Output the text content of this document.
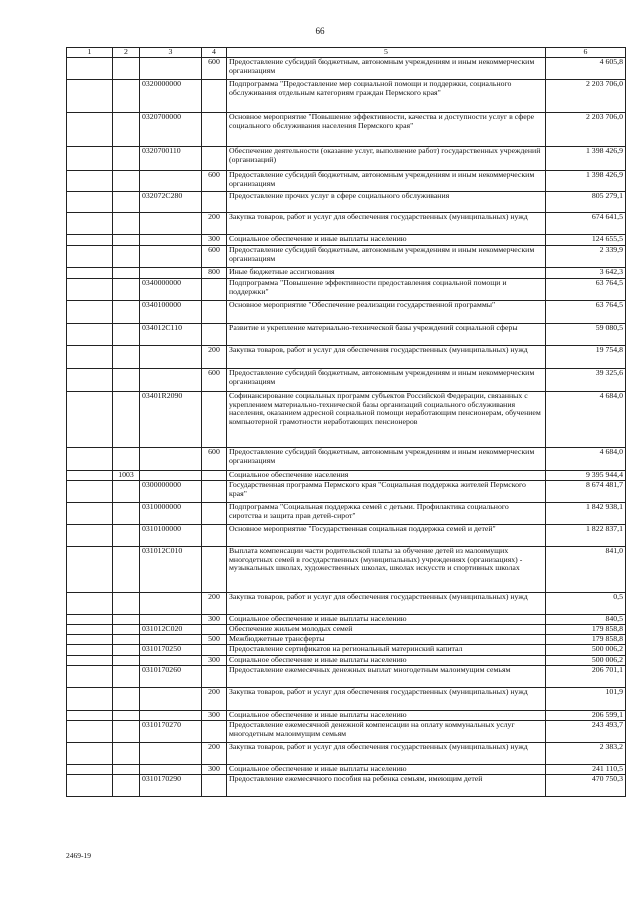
66
1	2	3	4	5	6
			600	Предоставление субсидий бюджетным, автономным учреждениям и иным некоммерческим организациям	4 605,8
		0320000000		Подпрограмма "Предоставление мер социальной помощи и поддержки, социального обслуживания отдельным категориям граждан Пермского края"	2 203 706,0
		0320700000		Основное мероприятие "Повышение эффективности, качества и доступности услуг в сфере социального обслуживания населения Пермского края"	2 203 706,0
		0320700110		Обеспечение деятельности (оказание услуг, выполнение работ) государственных учреждений (организаций)	1 398 426,9
			600	Предоставление субсидий бюджетным, автономным учреждениям и иным некоммерческим организациям	1 398 426,9
		032072C280		Предоставление прочих услуг в сфере социального обслуживания	805 279,1
			200	Закупка товаров, работ и услуг для обеспечения государственных (муниципальных) нужд	674 641,5
			300	Социальное обеспечение и иные выплаты населению	124 655,5
			600	Предоставление субсидий бюджетным, автономным учреждениям и иным некоммерческим организациям	2 339,9
			800	Иные бюджетные ассигнования	3 642,3
		0340000000		Подпрограмма "Повышение эффективности предоставления социальной помощи и поддержки"	63 764,5
		0340100000		Основное мероприятие "Обеспечение реализации государственной программы"	63 764,5
		034012C110		Развитие и укрепление материально-технической базы учреждений социальной сферы	59 080,5
			200	Закупка товаров, работ и услуг для обеспечения государственных (муниципальных) нужд	19 754,8
			600	Предоставление субсидий бюджетным, автономным учреждениям и иным некоммерческим организациям	39 325,6
		03401R2090		Софинансирование социальных программ субъектов Российской Федерации, связанных с укреплением материально-технической базы организаций социального обслуживания населения, оказанием адресной социальной помощи неработающим пенсионерам, обучением компьютерной грамотности неработающих пенсионеров	4 684,0
			600	Предоставление субсидий бюджетным, автономным учреждениям и иным некоммерческим организациям	4 684,0
	1003			Социальное обеспечение населения	9 395 944,4
		0300000000		Государственная программа Пермского края "Социальная поддержка жителей Пермского края"	8 674 481,7
		0310000000		Подпрограмма "Социальная поддержка семей с детьми. Профилактика социального сиротства и защита прав детей-сирот"	1 842 938,1
		0310100000		Основное мероприятие "Государственная социальная поддержка семей и детей"	1 822 837,1
		031012C010		Выплата компенсации части родительской платы за обучение детей из малоимущих многодетных семей в государственных (муниципальных) учреждениях (организациях) - музыкальных школах, художественных школах, школах искусств и спортивных школах	841,0
			200	Закупка товаров, работ и услуг для обеспечения государственных (муниципальных) нужд	0,5
			300	Социальное обеспечение и иные выплаты населению	840,5
		031012C020		Обеспечение жильем молодых семей	179 858,8
			500	Межбюджетные трансферты	179 858,8
		0310170250		Предоставление сертификатов на региональный материнский капитал	500 006,2
			300	Социальное обеспечение и иные выплаты населению	500 006,2
		0310170260		Предоставление ежемесячных денежных выплат многодетным малоимущим семьям	206 701,1
			200	Закупка товаров, работ и услуг для обеспечения государственных (муниципальных) нужд	101,9
			300	Социальное обеспечение и иные выплаты населению	206 599,1
		0310170270		Предоставление ежемесячной денежной компенсации на оплату коммунальных услуг многодетным малоимущим семьям	243 493,7
			200	Закупка товаров, работ и услуг для обеспечения государственных (муниципальных) нужд	2 383,2
			300	Социальное обеспечение и иные выплаты населению	241 110,5
		0310170290		Предоставление ежемесячного пособия на ребенка семьям, имеющим детей	470 750,3
2469-19
